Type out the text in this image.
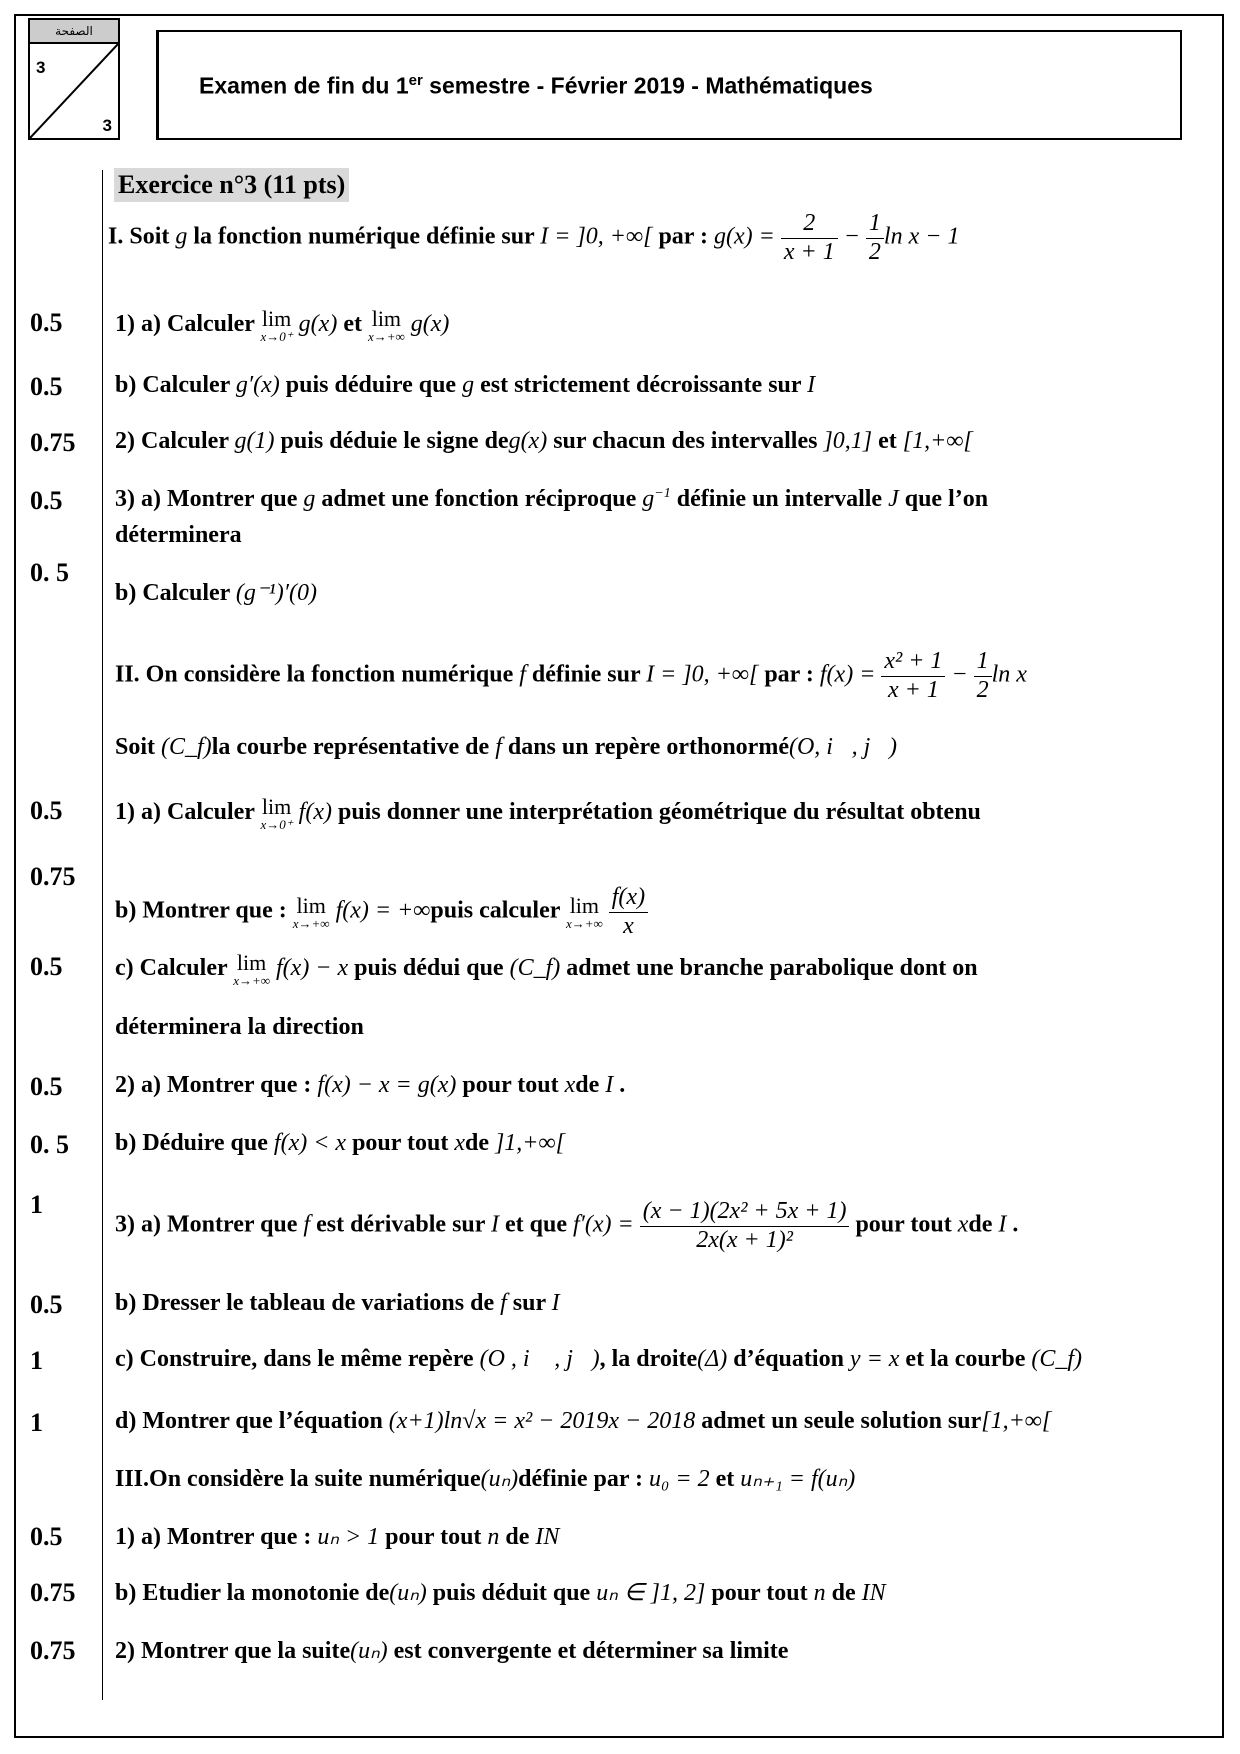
الصفحة
3
3
Examen de fin du 1er semestre - Février 2019 - Mathématiques
Exercice n°3 (11 pts)
I. Soit g la fonction numérique définie sur I = ]0, +∞[ par : $g(x) = \frac{2}{x + 1} - \frac{1}{2}$ ln x − 1
0.5 1) a) Calculer lim
x→0⁺ g(x) et lim
x→+∞ g(x)
0.5 b) Calculer g′(x) puis déduire que g est strictement décroissante sur I
0.75 2) Calculer g(1) puis déduie le signe deg(x) sur chacun des intervalles ]0,1] et [1,+∞[
0.5 3) a) Montrer que g admet une fonction réciproque $g^{-1}$ définie un intervalle J que l’on
déterminera
0. 5
b) Calculer (g⁻¹)′(0)
II. On considère la fonction numérique f définie sur I = ]0, +∞[ par : $f(x) = \frac{\text{x² + 1}}{x + 1} - \frac{1}{2}$ ln x
Soit (C_f)la courbe représentative de f dans un repère orthonormé(O, i⃗, j⃗)
0.5 1) a) Calculer lim
x→0⁺ f(x) puis donner une interprétation géométrique du résultat obtenu
0.75
b) Montrer que : lim
x→+∞ f(x) = +∞puis calculer lim
x→+∞
$\frac{f(x)}{x}$
0.5 c) Calculer lim
x→+∞ f(x) − x puis dédui que (C_f) admet une branche parabolique dont on
déterminera la direction
0.5 2) a) Montrer que : f(x) − x = g(x) pour tout xde I .
0. 5 b) Déduire que f(x) < x pour tout xde ]1,+∞[
1
3) a) Montrer que f est dérivable sur I et que $f'(x) = \frac{\text{(x − 1)(2x² + 5x + 1)}}{\text{2x(x + 1)²}}$ pour tout xde I .
0.5 b) Dresser le tableau de variations de f sur I
1	c) Construire, dans le même repère (O , i⃗ , j⃗), la droite(Δ) d’équation y = x et la courbe (C_f)
1	d) Montrer que l’équation (x+1)ln√x = x² − 2019x − 2018 admet un seule solution sur[1,+∞[
III.On considère la suite numérique(uₙ)définie par : u₀ = 2 et uₙ₊₁ = f(uₙ)
0.5 1) a) Montrer que : uₙ > 1 pour tout n de IN
0.75 b) Etudier la monotonie de(uₙ) puis déduit que uₙ ∈ ]1, 2] pour tout n de IN
0.75 2) Montrer que la suite(uₙ) est convergente et déterminer sa limite
